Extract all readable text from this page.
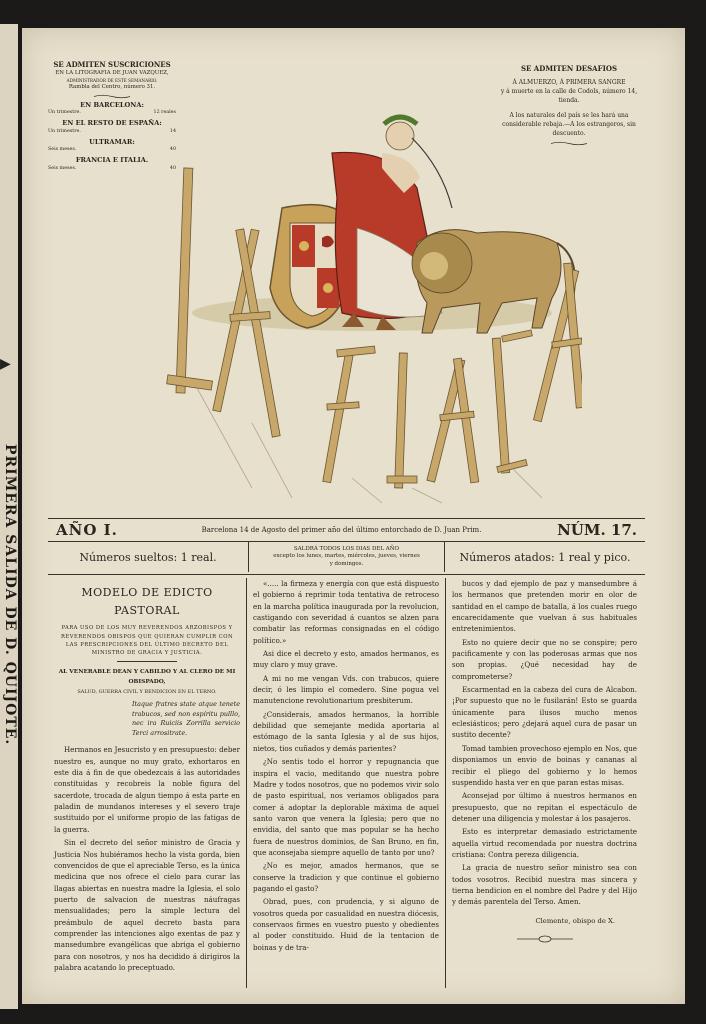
▶
PRIMERA SALIDA DE D. QUIJOTE.
SE ADMITEN SUSCRICIONES
EN LA LITOGRAFIA DE JUAN VAZQUEZ,
ADMINISTRADOR DE ESTE SEMANARIO.
Rambla del Centro, número 31.
EN BARCELONA:
Un trimestre.	12 reales
EN EL RESTO DE ESPAÑA:
Un trimestre.	14
ULTRAMAR:
Seis meses.	40
FRANCIA E ITALIA.
Seis meses.	40
SE ADMITEN DESAFIOS
Á ALMUERZO, Á PRIMERA SANGRE
y á muerte en la calle de Codols, número 14, tienda.
A los naturales del país se les hará una considerable rebaja.—A los estrangeros, sin descuento.
AÑO I.	Barcelona 14 de Agosto del primer año del último entorchado de D. Juan Prim.	NÚM. 17.
Números sueltos: 1 real.
SALDRÁ TODOS LOS DIAS DEL AÑO
excepto los lunes, martes, miércoles, jueves, viernes
y domingos.
Números atados: 1 real y pico.
MODELO DE EDICTO PASTORAL
PARA USO DE LOS MUY REVERENDOS ARZOBISPOS Y REVERENDOS OBISPOS QUE QUIERAN CUMPLIR CON LAS PRESCRIPCIONES DEL ÚLTIMO DECRETO DEL MINISTRO DE GRACIA Y JUSTICIA.
AL VENERABLE DEAN Y CABILDO Y AL CLERO DE MI OBISPADO,
SALUD, GUERRA CIVIL Y BENDICION EN EL TERNO.
Itaque fratres state atque tenete trabucos, sed non espíritu pulllo, nec ira Ruiciis Zorrilla servicio Terci arrositrate.

Hermanos en Jesucristo y en presupuesto: deber nuestro es, aunque no muy grato, exhortaros en este dia á fin de que obedezcais á las autoridades constituidas y recobreis la noble figura del sacerdote, trocada de algun tiempo á esta parte en paladin de mundanos intereses y el severo traje sustituido por el uniforme propio de las fatigas de la guerra.

Sin el decreto del señor ministro de Gracia y Justicia Nos hubiéramos hecho la vista gorda, bien convencidos de que el apreciable Terso, es la única medicina que nos ofrece el cielo para curar las llagas abiertas en nuestra madre la Iglesia, el solo puerto de salvacion de nuestras náufragas mensualidades; pero la simple lectura del preámbulo de aquel decreto basta para comprender las intenciones algo exentas de paz y mansedumbre evangélicas que abriga el gobierno para con nosotros, y nos ha decidido á dirigiros la palabra acatando lo preceptuado.

«..... la firmeza y energía con que está dispuesto el gobierno á reprimir toda tentativa de retroceso en la marcha política inaugurada por la revolucion, castigando con severidad á cuantos se alzen para combatir las reformas consignadas en el código político.»

Asi dice el decreto y esto, amados hermanos, es muy claro y muy grave.

A mi no me vengan Vds. con trabucos, quiere decir, ó les limpio el comedero. Sine pogua vel manutencione revolutionarium presbiterum.

¿Considerais, amados hermanos, la horrible debilidad que semejante medida aportaria al estómago de la santa Iglesia y al de sus hijos, nietos, tios cuñados y demás parientes?

¿No sentis todo el horror y repugnancia que inspira el vacio, meditando que nuestra pobre Madre y todos nosotros, que no podemos vivir solo de pasto espiritual, nos veriamos obligados para comer á adoptar la deplorable máxima de aquel santo varon que venera la Iglesia; pero que no envidia, del santo que mas popular se ha hecho fuera de nuestros dominios, de San Bruno, en fin, que aconsejaba siempre aquello de tanto por uno?

¿No es mejor, amados hermanos, que se conserve la tradicion y que continue el gobierno pagando el gasto?

Obrad, pues, con prudencia, y si alguno de vosotros queda por casualidad en nuestra diócesis, conservaos firmes en vuestro puesto y obedientes al poder constituido. Huid de la tentacion de boinas y de tra-

bucos y dad ejemplo de paz y mansedumbre á los hermanos que pretenden morir en olor de santidad en el campo de batalla, á los cuales ruego encarecidamente que vuelvan á sus habituales entretenimientos.

Esto no quiere decir que no se conspire; pero pacificamente y con las poderosas armas que nos son propias. ¿Qué necesidad hay de comprometerse?

Escarmentad en la cabeza del cura de Alcabon. ¡Por supuesto que no le fusilarán! Esto se guarda únicamente para ilusos mucho menos eclesiásticos; pero ¿dejará aquel cura de pasar un sustito decente?

Tomad tambien provechoso ejemplo en Nos, que disponiamos un envio de boinas y cananas al recibir el pliego del gobierno y lo hemos suspendido hasta ver en que paran estas misas.

Aconsejad por último á nuestros hermanos en presupuesto, que no repitan el espectáculo de detener una diligencia y molestar á los pasajeros.

Esto es interpretar demasiado estrictamente aquella virtud recomendada por nuestra doctrina cristiana: Contra pereza diligencia.

La gracia de nuestro señor ministro sea con todos vosotros. Recibid nuestra mas sincera y tierna bendicion en el nombre del Padre y del Hijo y demás parentela del Terso. Amen.

Clemente, obispo de X.
